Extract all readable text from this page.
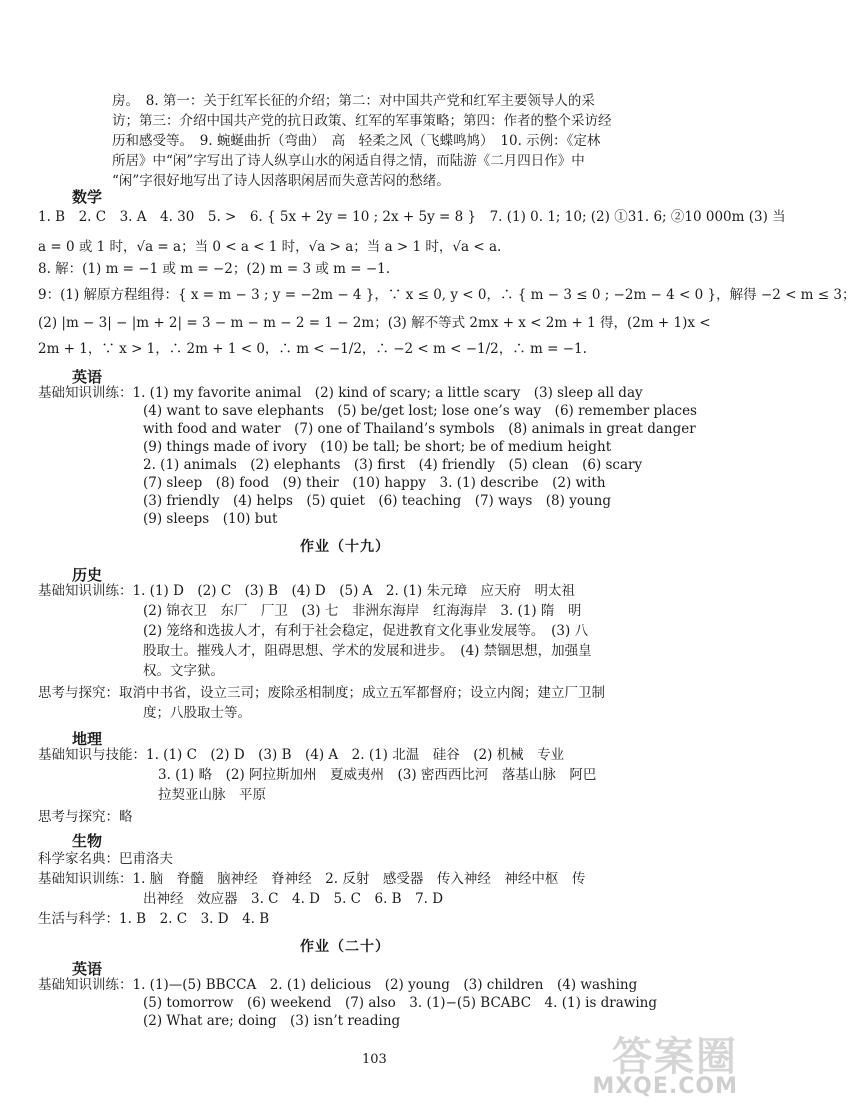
房。　8. 第一：关于红军长征的介绍；第二：对中国共产党和红军主要领导人的采
访；第三：介绍中国共产党的抗日政策、红军的军事策略；第四：作者的整个采访经
历和感受等。　9. 蜿蜒曲折（弯曲）　高　轻柔之风（飞蝶鸣鸠）　10. 示例：《定林
所居》中“闲”字写出了诗人纵享山水的闲适自得之情，而陆游《二月四日作》中
“闲”字很好地写出了诗人因落职闲居而失意苦闷的愁绪。
数学
1. B　2. C　3. A　4. 30　5. >　6. { 5x + 2y = 10 ; 2x + 5y = 8 }　7. (1) 0. 1; 10; (2) ①31. 6; ②10 000m (3) 当
a = 0 或 1 时，√a = a；当 0 < a < 1 时，√a > a；当 a > 1 时，√a < a.
8. 解：(1) m = −1 或 m = −2；(2) m = 3 或 m = −1.
9：(1) 解原方程组得：{ x = m − 3 ; y = −2m − 4 }，∵ x ≤ 0, y < 0，∴ { m − 3 ≤ 0 ; −2m − 4 < 0 }，解得 −2 < m ≤ 3；
(2) |m − 3| − |m + 2| = 3 − m − m − 2 = 1 − 2m；(3) 解不等式 2mx + x < 2m + 1 得，(2m + 1)x <
2m + 1，∵ x > 1，∴ 2m + 1 < 0，∴ m < −1/2，∴ −2 < m < −1/2，∴ m = −1.
英语
基础知识训练：1. (1) my favorite animal　(2) kind of scary; a little scary　(3) sleep all day
(4) want to save elephants　(5) be/get lost; lose one’s way　(6) remember places
with food and water　(7) one of Thailand’s symbols　(8) animals in great danger
(9) things made of ivory　(10) be tall; be short; be of medium height
2. (1) animals　(2) elephants　(3) first　(4) friendly　(5) clean　(6) scary
(7) sleep　(8) food　(9) their　(10) happy　3. (1) describe　(2) with
(3) friendly　(4) helps　(5) quiet　(6) teaching　(7) ways　(8) young
(9) sleeps　(10) but
作业（十九）
历史
基础知识训练：1. (1) D　(2) C　(3) B　(4) D　(5) A　2. (1) 朱元璋　应天府　明太祖
(2) 锦衣卫　东厂　厂卫　(3) 七　非洲东海岸　红海海岸　3. (1) 隋　明
(2) 笼络和选拔人才，有利于社会稳定，促进教育文化事业发展等。　(3) 八
股取士。摧残人才，阻碍思想、学术的发展和进步。　(4) 禁锢思想，加强皇
权。文字狱。
思考与探究：取消中书省，设立三司；废除丞相制度；成立五军都督府；设立内阁；建立厂卫制
度；八股取士等。
地理
基础知识与技能：1. (1) C　(2) D　(3) B　(4) A　2. (1) 北温　硅谷　(2) 机械　专业
3. (1) 略　(2) 阿拉斯加州　夏威夷州　(3) 密西西比河　落基山脉　阿巴
拉契亚山脉　平原
思考与探究：略
生物
科学家名典：巴甫洛夫
基础知识训练：1. 脑　脊髓　脑神经　脊神经　2. 反射　感受器　传入神经　神经中枢　传
出神经　效应器　3. C　4. D　5. C　6. B　7. D
生活与科学：1. B　2. C　3. D　4. B
作业（二十）
英语
基础知识训练：1. (1)—(5) BBCCA　2. (1) delicious　(2) young　(3) children　(4) washing
(5) tomorrow　(6) weekend　(7) also　3. (1)−(5) BCABC　4. (1) is drawing
(2) What are; doing　(3) isn’t reading
103	答案圈
MXQE.COM
